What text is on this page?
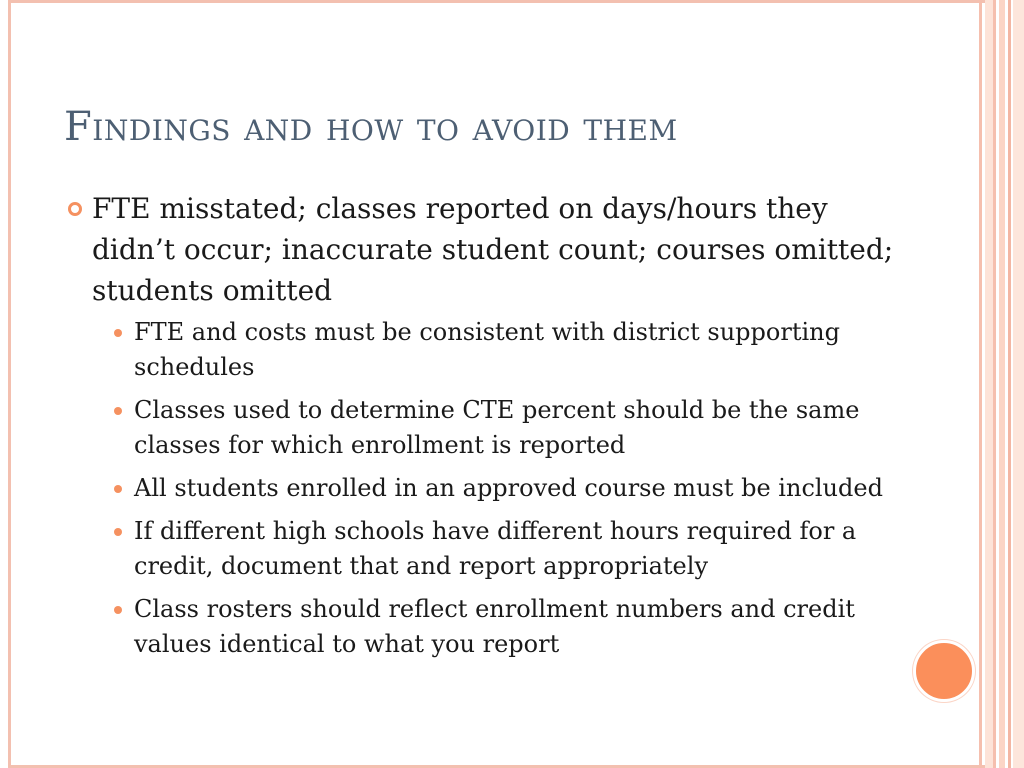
Findings and how to avoid them
FTE misstated; classes reported on days/hours they didn’t occur; inaccurate student count; courses omitted; students omitted
FTE and costs must be consistent with district supporting schedules
Classes used to determine CTE percent should be the same classes for which enrollment is reported
All students enrolled in an approved course must be included
If different high schools have different hours required for a credit, document that and report appropriately
Class rosters should reflect enrollment numbers and credit values identical to what you report
